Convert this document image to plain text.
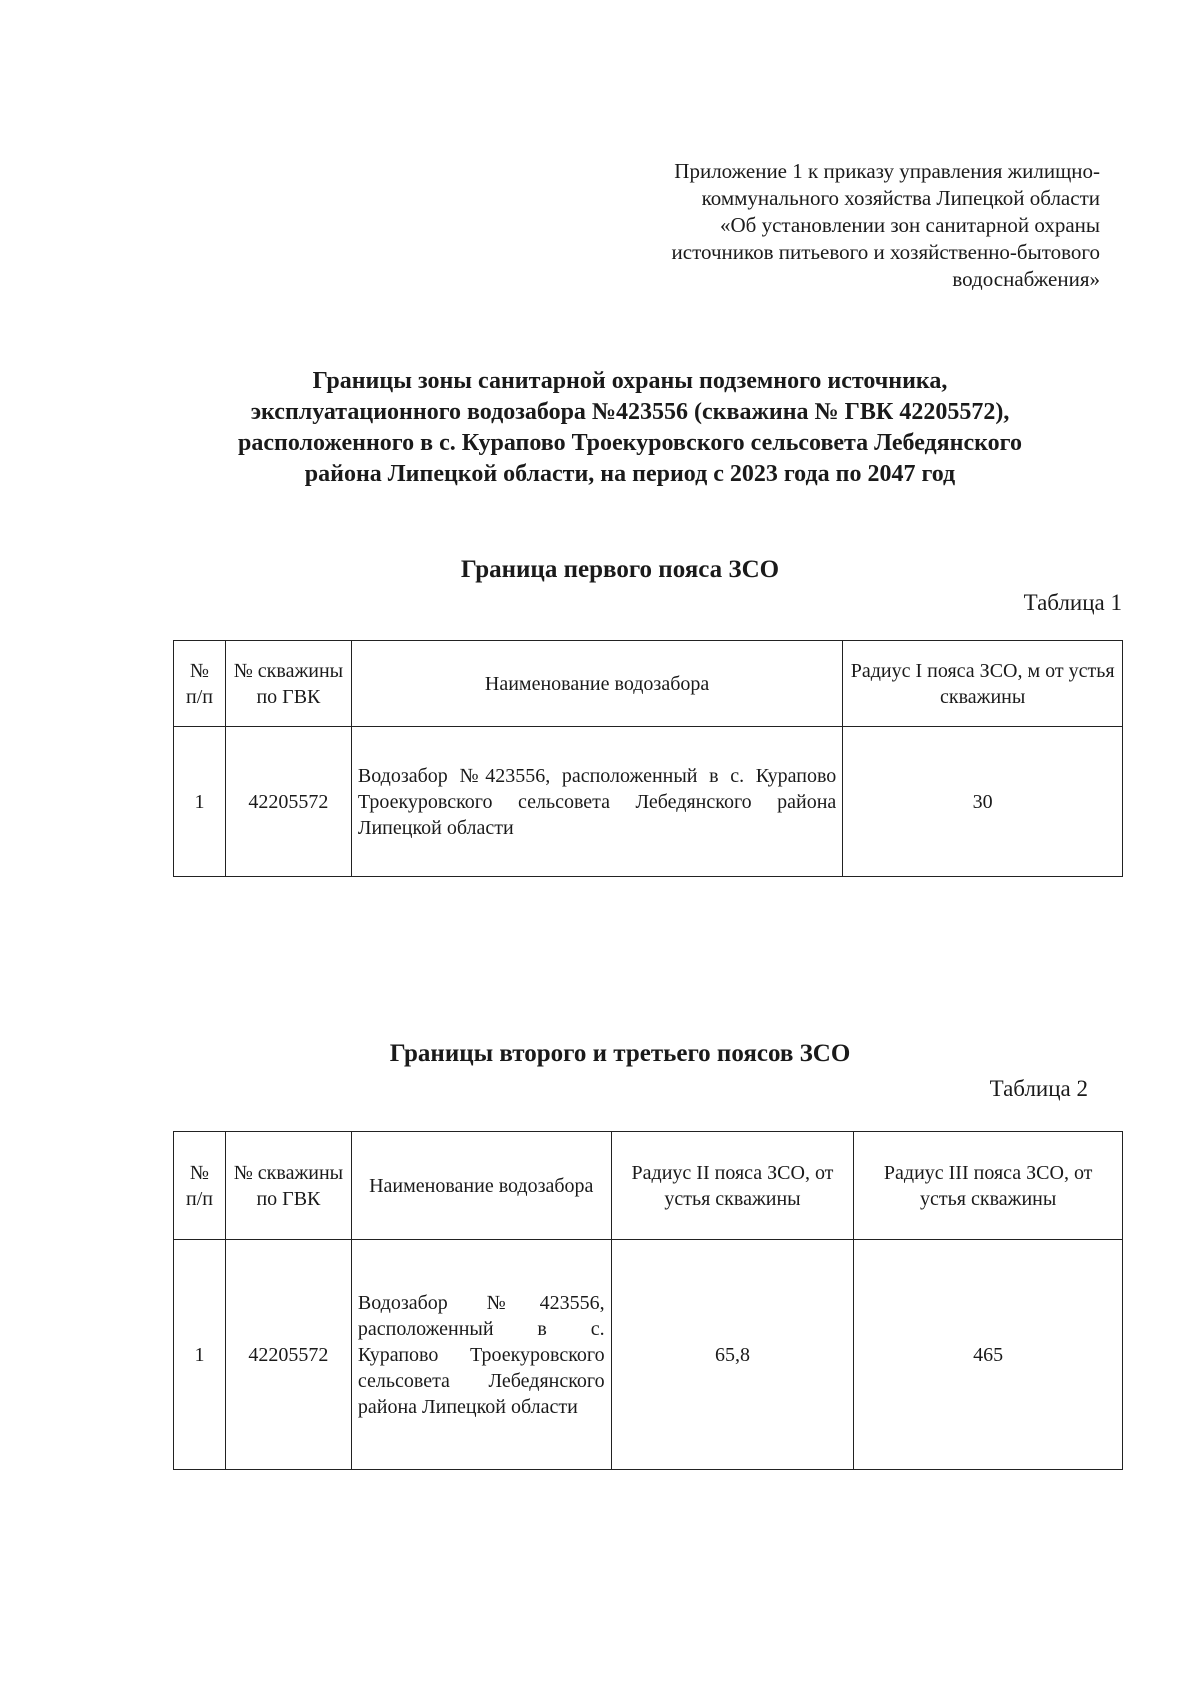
Приложение 1 к приказу управления жилищно-
коммунального хозяйства Липецкой области
«Об установлении зон санитарной охраны
источников питьевого и хозяйственно-бытового
водоснабжения»
Границы зоны санитарной охраны подземного источника,
эксплуатационного водозабора №423556 (скважина № ГВК 42205572),
расположенного в с. Курапово Троекуровского сельсовета Лебедянского
района Липецкой области, на период с 2023 года по 2047 год
Граница первого пояса ЗСО
Таблица 1
№ п/п	№ скважины по ГВК	Наименование водозабора	Радиус I пояса ЗСО, м от устья скважины
1	42205572	Водозабор №423556, расположенный в с. Курапово Троекуровского сельсовета Лебедянского района Липецкой области	30
Границы второго и третьего поясов ЗСО
Таблица 2
№ п/п	№ скважины по ГВК	Наименование водозабора	Радиус II пояса ЗСО, от устья скважины	Радиус III пояса ЗСО, от устья скважины
1	42205572	Водозабор №423556, расположенный в с. Курапово Троекуровского сельсовета Лебедянского района Липецкой области	65,8	465
